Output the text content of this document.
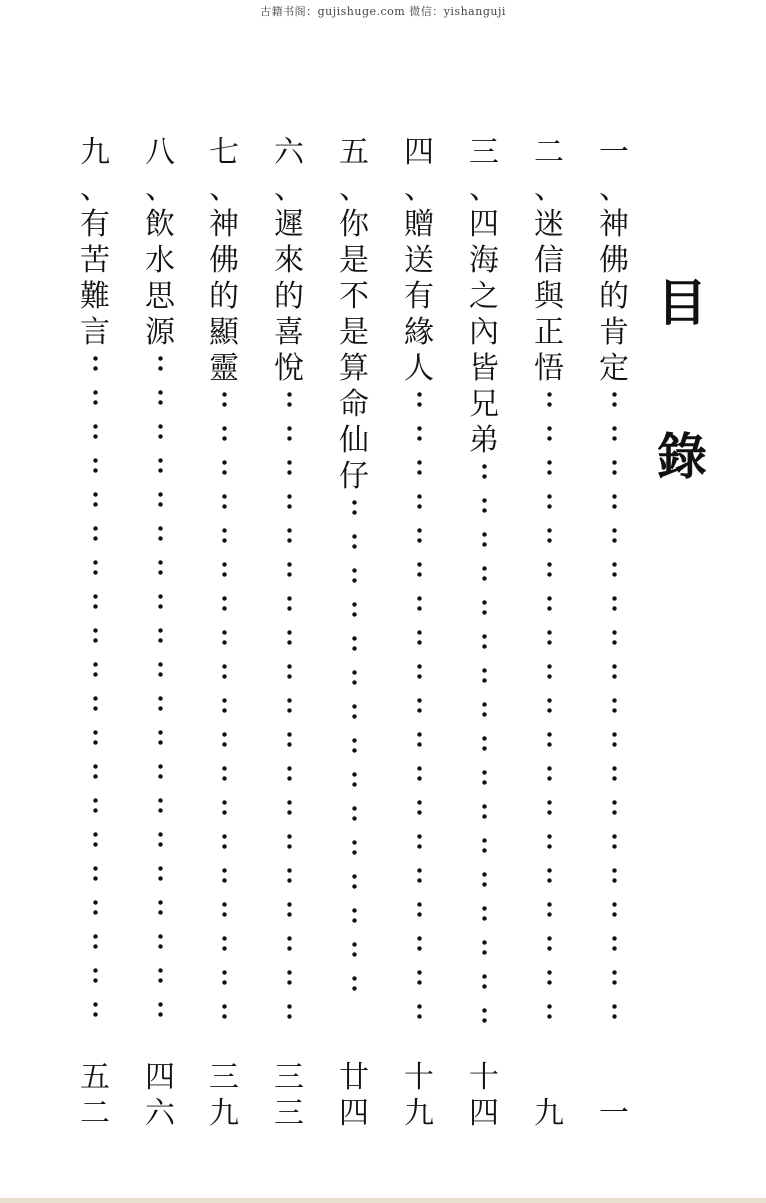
古籍书阁：gujishuge.com 微信：yishanguji
目
錄
一
、
神
佛
的
肯
定
一
二
、
迷
信
與
正
悟
九
三
、
四
海
之
內
皆
兄
弟
十
四
四
、
贈
送
有
緣
人
十
九
五
、
你
是
不
是
算
命
仙
仔
廿
四
六
、
遲
來
的
喜
悅
三
三
七
、
神
佛
的
顯
靈
三
九
八
、
飲
水
思
源
四
六
九
、
有
苦
難
言
五
二
